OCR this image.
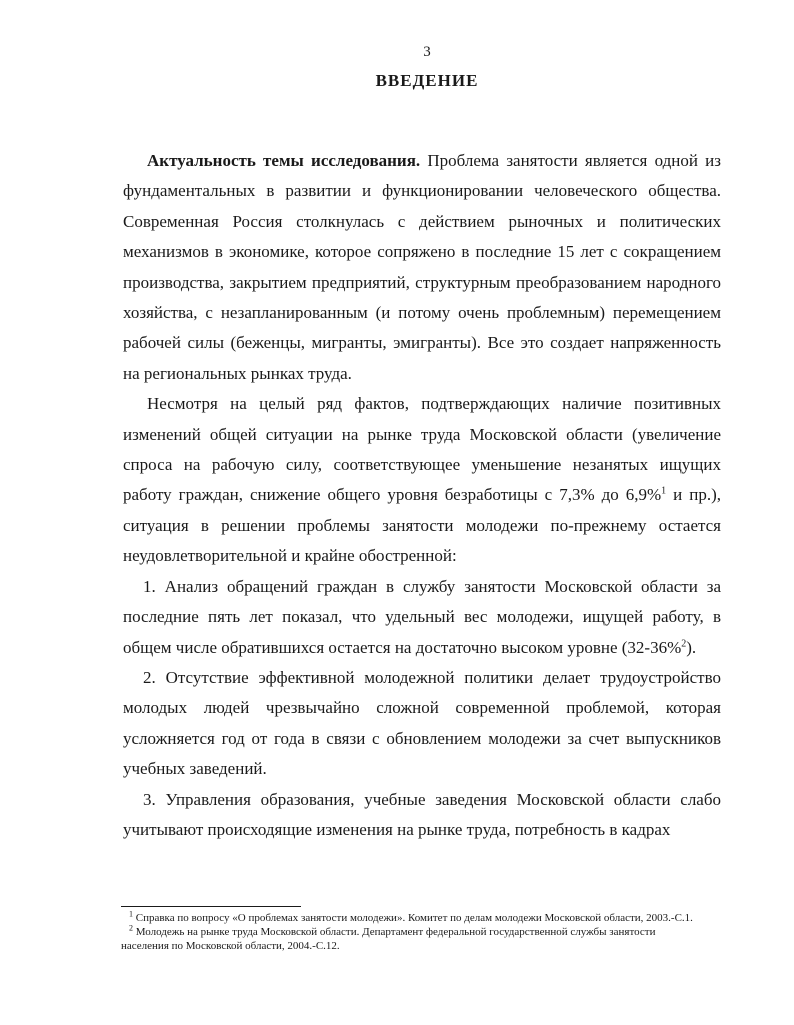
3
ВВЕДЕНИЕ

Актуальность темы исследования. Проблема занятости является одной из фундаментальных в развитии и функционировании человеческого общества. Современная Россия столкнулась с действием рыночных и политических механизмов в экономике, которое сопряжено в последние 15 лет с сокращением производства, закрытием предприятий, структурным преобразованием народного хозяйства, с незапланированным (и потому очень проблемным) перемещением рабочей силы (беженцы, мигранты, эмигранты). Все это создает напряженность на региональных рынках труда.

Несмотря на целый ряд фактов, подтверждающих наличие позитивных изменений общей ситуации на рынке труда Московской области (увеличение спроса на рабочую силу, соответствующее уменьшение незанятых ищущих работу граждан, снижение общего уровня безработицы с 7,3% до 6,9%$^1$ и пр.), ситуация в решении проблемы занятости молодежи по-прежнему остается неудовлетворительной и крайне обостренной:

1. Анализ обращений граждан в службу занятости Московской области за последние пять лет показал, что удельный вес молодежи, ищущей работу, в общем числе обратившихся остается на достаточно высоком уровне (32-36%$^2$).

2. Отсутствие эффективной молодежной политики делает трудоустройство молодых людей чрезвычайно сложной современной проблемой, которая усложняется год от года в связи с обновлением молодежи за счет выпускников учебных заведений.

3. Управления образования, учебные заведения Московской области слабо учитывают происходящие изменения на рынке труда, потребность в кадрах

$^1$ Справка по вопросу «О проблемах занятости молодежи». Комитет по делам молодежи Московской области, 2003.-С.1.

$^2$ Молодежь на рынке труда Московской области. Департамент федеральной государственной службы занятости населения по Московской области, 2004.-С.12.
